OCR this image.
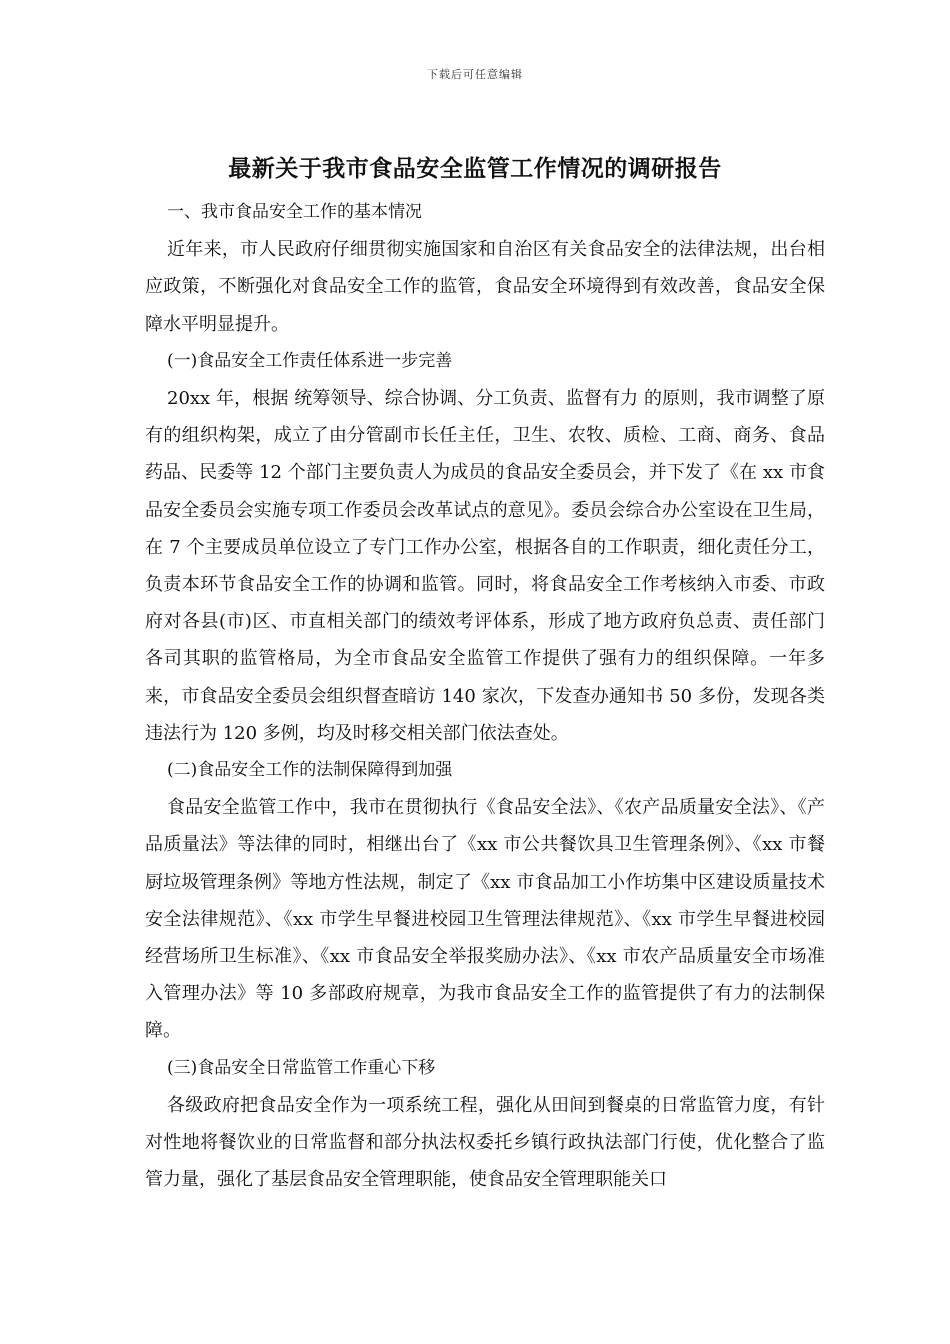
下载后可任意编辑
最新关于我市食品安全监管工作情况的调研报告

一、我市食品安全工作的基本情况

近年来，市人民政府仔细贯彻实施国家和自治区有关食品安全的法律法规，出台相应政策，不断强化对食品安全工作的监管，食品安全环境得到有效改善，食品安全保障水平明显提升。

(一)食品安全工作责任体系进一步完善

20xx 年，根据 统筹领导、综合协调、分工负责、监督有力 的原则，我市调整了原有的组织构架，成立了由分管副市长任主任，卫生、农牧、质检、工商、商务、食品药品、民委等 12 个部门主要负责人为成员的食品安全委员会，并下发了《在 xx 市食品安全委员会实施专项工作委员会改革试点的意见》。委员会综合办公室设在卫生局，在 7 个主要成员单位设立了专门工作办公室，根据各自的工作职责，细化责任分工，负责本环节食品安全工作的协调和监管。同时，将食品安全工作考核纳入市委、市政府对各县(市)区、市直相关部门的绩效考评体系，形成了地方政府负总责、责任部门各司其职的监管格局，为全市食品安全监管工作提供了强有力的组织保障。一年多来，市食品安全委员会组织督查暗访 140 家次，下发查办通知书 50 多份，发现各类违法行为 120 多例，均及时移交相关部门依法查处。

(二)食品安全工作的法制保障得到加强

食品安全监管工作中，我市在贯彻执行《食品安全法》、《农产品质量安全法》、《产品质量法》等法律的同时，相继出台了《xx 市公共餐饮具卫生管理条例》、《xx 市餐厨垃圾管理条例》等地方性法规，制定了《xx 市食品加工小作坊集中区建设质量技术安全法律规范》、《xx 市学生早餐进校园卫生管理法律规范》、《xx 市学生早餐进校园经营场所卫生标准》、《xx 市食品安全举报奖励办法》、《xx 市农产品质量安全市场准入管理办法》等 10 多部政府规章，为我市食品安全工作的监管提供了有力的法制保障。

(三)食品安全日常监管工作重心下移

各级政府把食品安全作为一项系统工程，强化从田间到餐桌的日常监管力度，有针对性地将餐饮业的日常监督和部分执法权委托乡镇行政执法部门行使，优化整合了监管力量，强化了基层食品安全管理职能，使食品安全管理职能关口
